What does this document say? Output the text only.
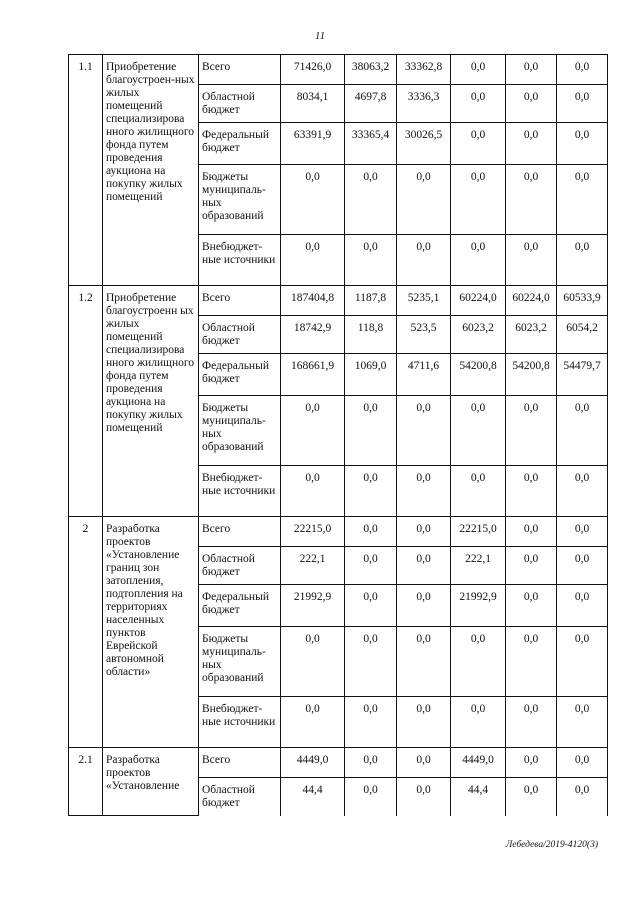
11
1.1	Приобретение благоустроен-ных жилых помещений специализирова нного жилищного фонда путем проведения аукциона на покупку жилых помещений	Всего	71426,0	38063,2	33362,8	0,0	0,0	0,0
		Областной бюджет	8034,1	4697,8	3336,3	0,0	0,0	0,0
		Федеральный бюджет	63391,9	33365,4	30026,5	0,0	0,0	0,0
		Бюджеты муниципаль-ных образований	0,0	0,0	0,0	0,0	0,0	0,0
		Внебюджет-ные источники	0,0	0,0	0,0	0,0	0,0	0,0
1.2	Приобретение благоустроенн ых жилых помещений специализирова нного жилищного фонда путем проведения аукциона на покупку жилых помещений	Всего	187404,8	1187,8	5235,1	60224,0	60224,0	60533,9
		Областной бюджет	18742,9	118,8	523,5	6023,2	6023,2	6054,2
		Федеральный бюджет	168661,9	1069,0	4711,6	54200,8	54200,8	54479,7
		Бюджеты муниципаль-ных образований	0,0	0,0	0,0	0,0	0,0	0,0
		Внебюджет-ные источники	0,0	0,0	0,0	0,0	0,0	0,0
2	Разработка проектов «Установление границ зон затопления, подтопления на территориях населенных пунктов Еврейской автономной области»	Всего	22215,0	0,0	0,0	22215,0	0,0	0,0
		Областной бюджет	222,1	0,0	0,0	222,1	0,0	0,0
		Федеральный бюджет	21992,9	0,0	0,0	21992,9	0,0	0,0
		Бюджеты муниципаль-ных образований	0,0	0,0	0,0	0,0	0,0	0,0
		Внебюджет-ные источники	0,0	0,0	0,0	0,0	0,0	0,0
2.1	Разработка проектов «Установление	Всего	4449,0	0,0	0,0	4449,0	0,0	0,0
		Областной бюджет	44,4	0,0	0,0	44,4	0,0	0,0
Лебедева/2019-4120(3)
